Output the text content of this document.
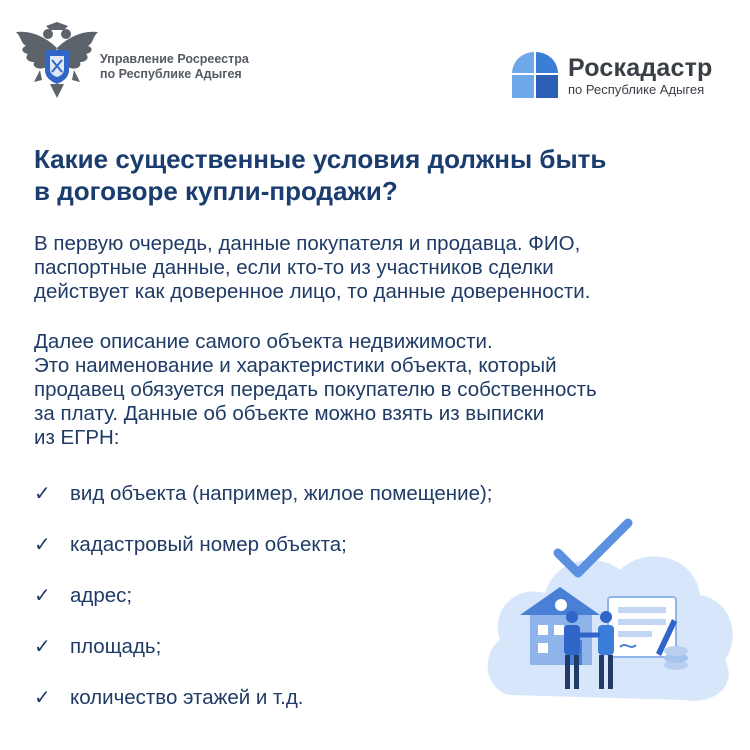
Управление Росреестра
по Республике Адыгея	Роскадастр
по Республике Адыгея
Какие существенные условия должны быть
в договоре купли-продажи?
В первую очередь, данные покупателя и продавца. ФИО,
паспортные данные, если кто-то из участников сделки
действует как доверенное лицо, то данные доверенности.
Далее описание самого объекта недвижимости.
Это наименование и характеристики объекта, который
продавец обязуется передать покупателю в собственность
за плату. Данные об объекте можно взять из выписки
из ЕГРН:
✓ вид объекта (например, жилое помещение);
✓ кадастровый номер объекта;
✓ адрес;
✓ площадь;
✓ количество этажей и т.д.
